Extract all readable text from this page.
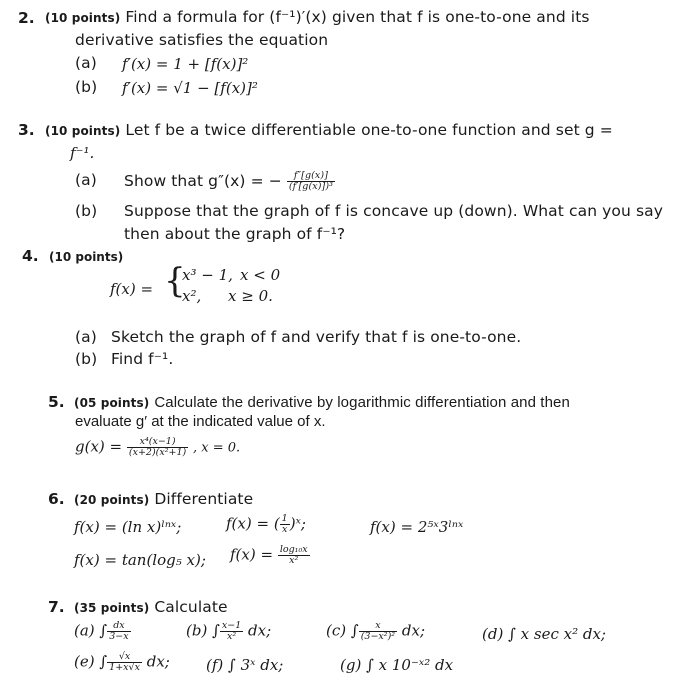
2. (10 points) Find a formula for (f⁻¹)′(x) given that f is one-to-one and its
derivative satisfies the equation
(a) f′(x) = 1 + [f(x)]²
(b) f′(x) = √1 − [f(x)]²
3. (10 points) Let f be a twice differentiable one-to-one function and set g =
f⁻¹.
(a) Show that g″(x) = − $\frac{f''[g(x)]}{\text{(f′[g(x)])³}}$
(b) Suppose that the graph of f is concave up (down). What can you say
then about the graph of f⁻¹?
4. (10 points)
f(x) = {
x³ − 1, x < 0
x², x ≥ 0.
(a) Sketch the graph of f and verify that f is one-to-one.
(b) Find f⁻¹.
5. (05 points) Calculate the derivative by logarithmic differentiation and then
evaluate g′ at the indicated value of x.
$g(x) = \frac{\text{x⁴(x−1)}}{\text{(x+2)(x²+1)}}$ , x = 0.
6. (20 points) Differentiate
f(x) = (ln x)ˡⁿˣ;	f(x) = ( $\frac{1}{x}$ )ˣ;	f(x) = 2⁵ˣ3ˡⁿˣ
f(x) = tan(log₅ x); $f(x) = \frac{\text{log₁₀x}}{\text{x²}}$
7. (35 points) Calculate
(a) ∫ $\frac{dx}{3-x}$	(b) ∫ $\frac{x-1}{\text{x²}}$ dx;	(c) ∫ $\frac{x}{\text{(3−x²)²}}$ dx;	(d) ∫ x sec x² dx;
(e) ∫ $\frac{√x}{1+x√x}$ dx; (f) ∫ 3ˣ dx;	(g) ∫ x 10⁻ˣ² dx
